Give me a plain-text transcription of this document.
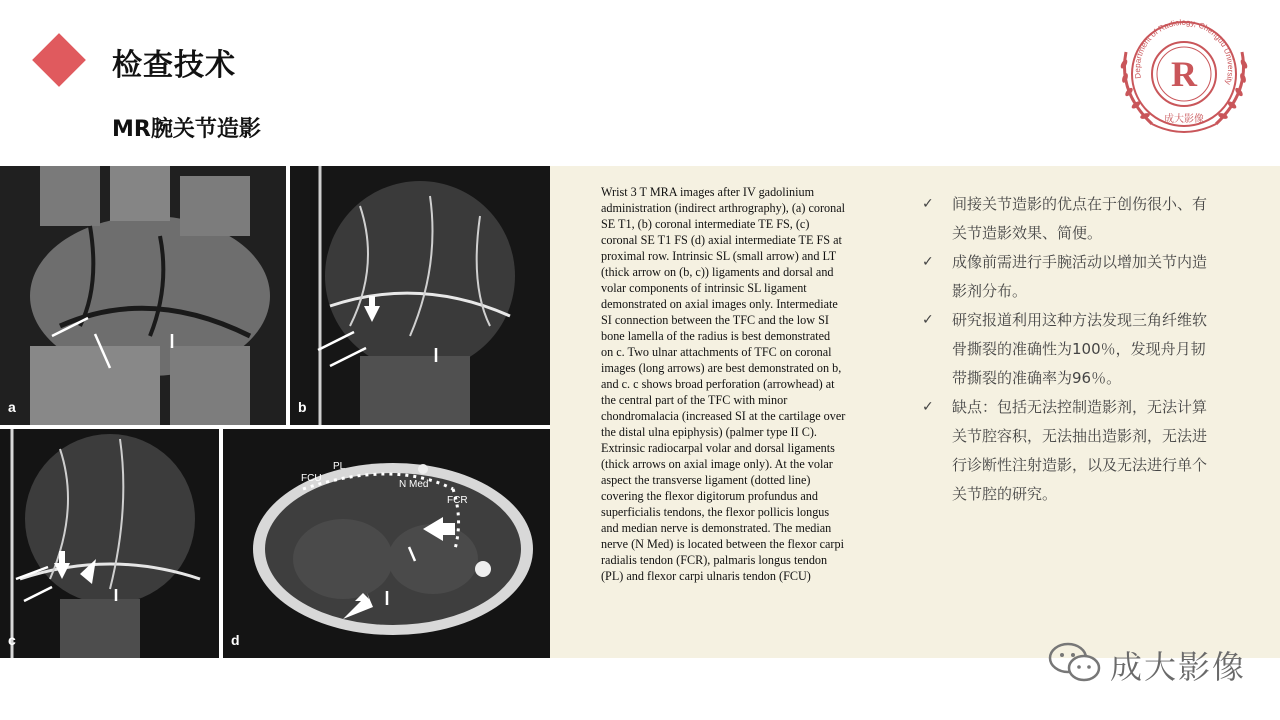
检查技术
MR腕关节造影
Department of Radiology, Chengdu University
R
成大影像
a	b
c
PL
FCU
N Med
FCR
d
Wrist 3 T MRA images after IV gadolinium
administration (indirect arthrography), (a) coronal
SE T1, (b) coronal intermediate TE FS, (c)
coronal SE T1 FS (d) axial intermediate TE FS at
proximal row. Intrinsic SL (small arrow) and LT
(thick arrow on (b, c)) ligaments and dorsal and
volar components of intrinsic SL ligament
demonstrated on axial images only. Intermediate
SI connection between the TFC and the low SI
bone lamella of the radius is best demonstrated
on c. Two ulnar attachments of TFC on coronal
images (long arrows) are best demonstrated on b,
and c. c shows broad perforation (arrowhead) at
the central part of the TFC with minor
chondromalacia (increased SI at the cartilage over
the distal ulna epiphysis) (palmer type II C).
Extrinsic radiocarpal volar and dorsal ligaments
(thick arrows on axial image only). At the volar
aspect the transverse ligament (dotted line)
covering the flexor digitorum profundus and
superficialis tendons, the flexor pollicis longus
and median nerve is demonstrated. The median
nerve (N Med) is located between the flexor carpi
radialis tendon (FCR), palmaris longus tendon
(PL) and flexor carpi ulnaris tendon (FCU)
✓	间接关节造影的优点在于创伤很小、有
关节造影效果、简便。
✓	成像前需进行手腕活动以增加关节内造
影剂分布。
✓	研究报道利用这种方法发现三角纤维软
骨撕裂的准确性为100％，发现舟月韧
带撕裂的准确率为96％。
✓	缺点：包括无法控制造影剂，无法计算
关节腔容积，无法抽出造影剂，无法进
行诊断性注射造影，以及无法进行单个
关节腔的研究。
成大影像
